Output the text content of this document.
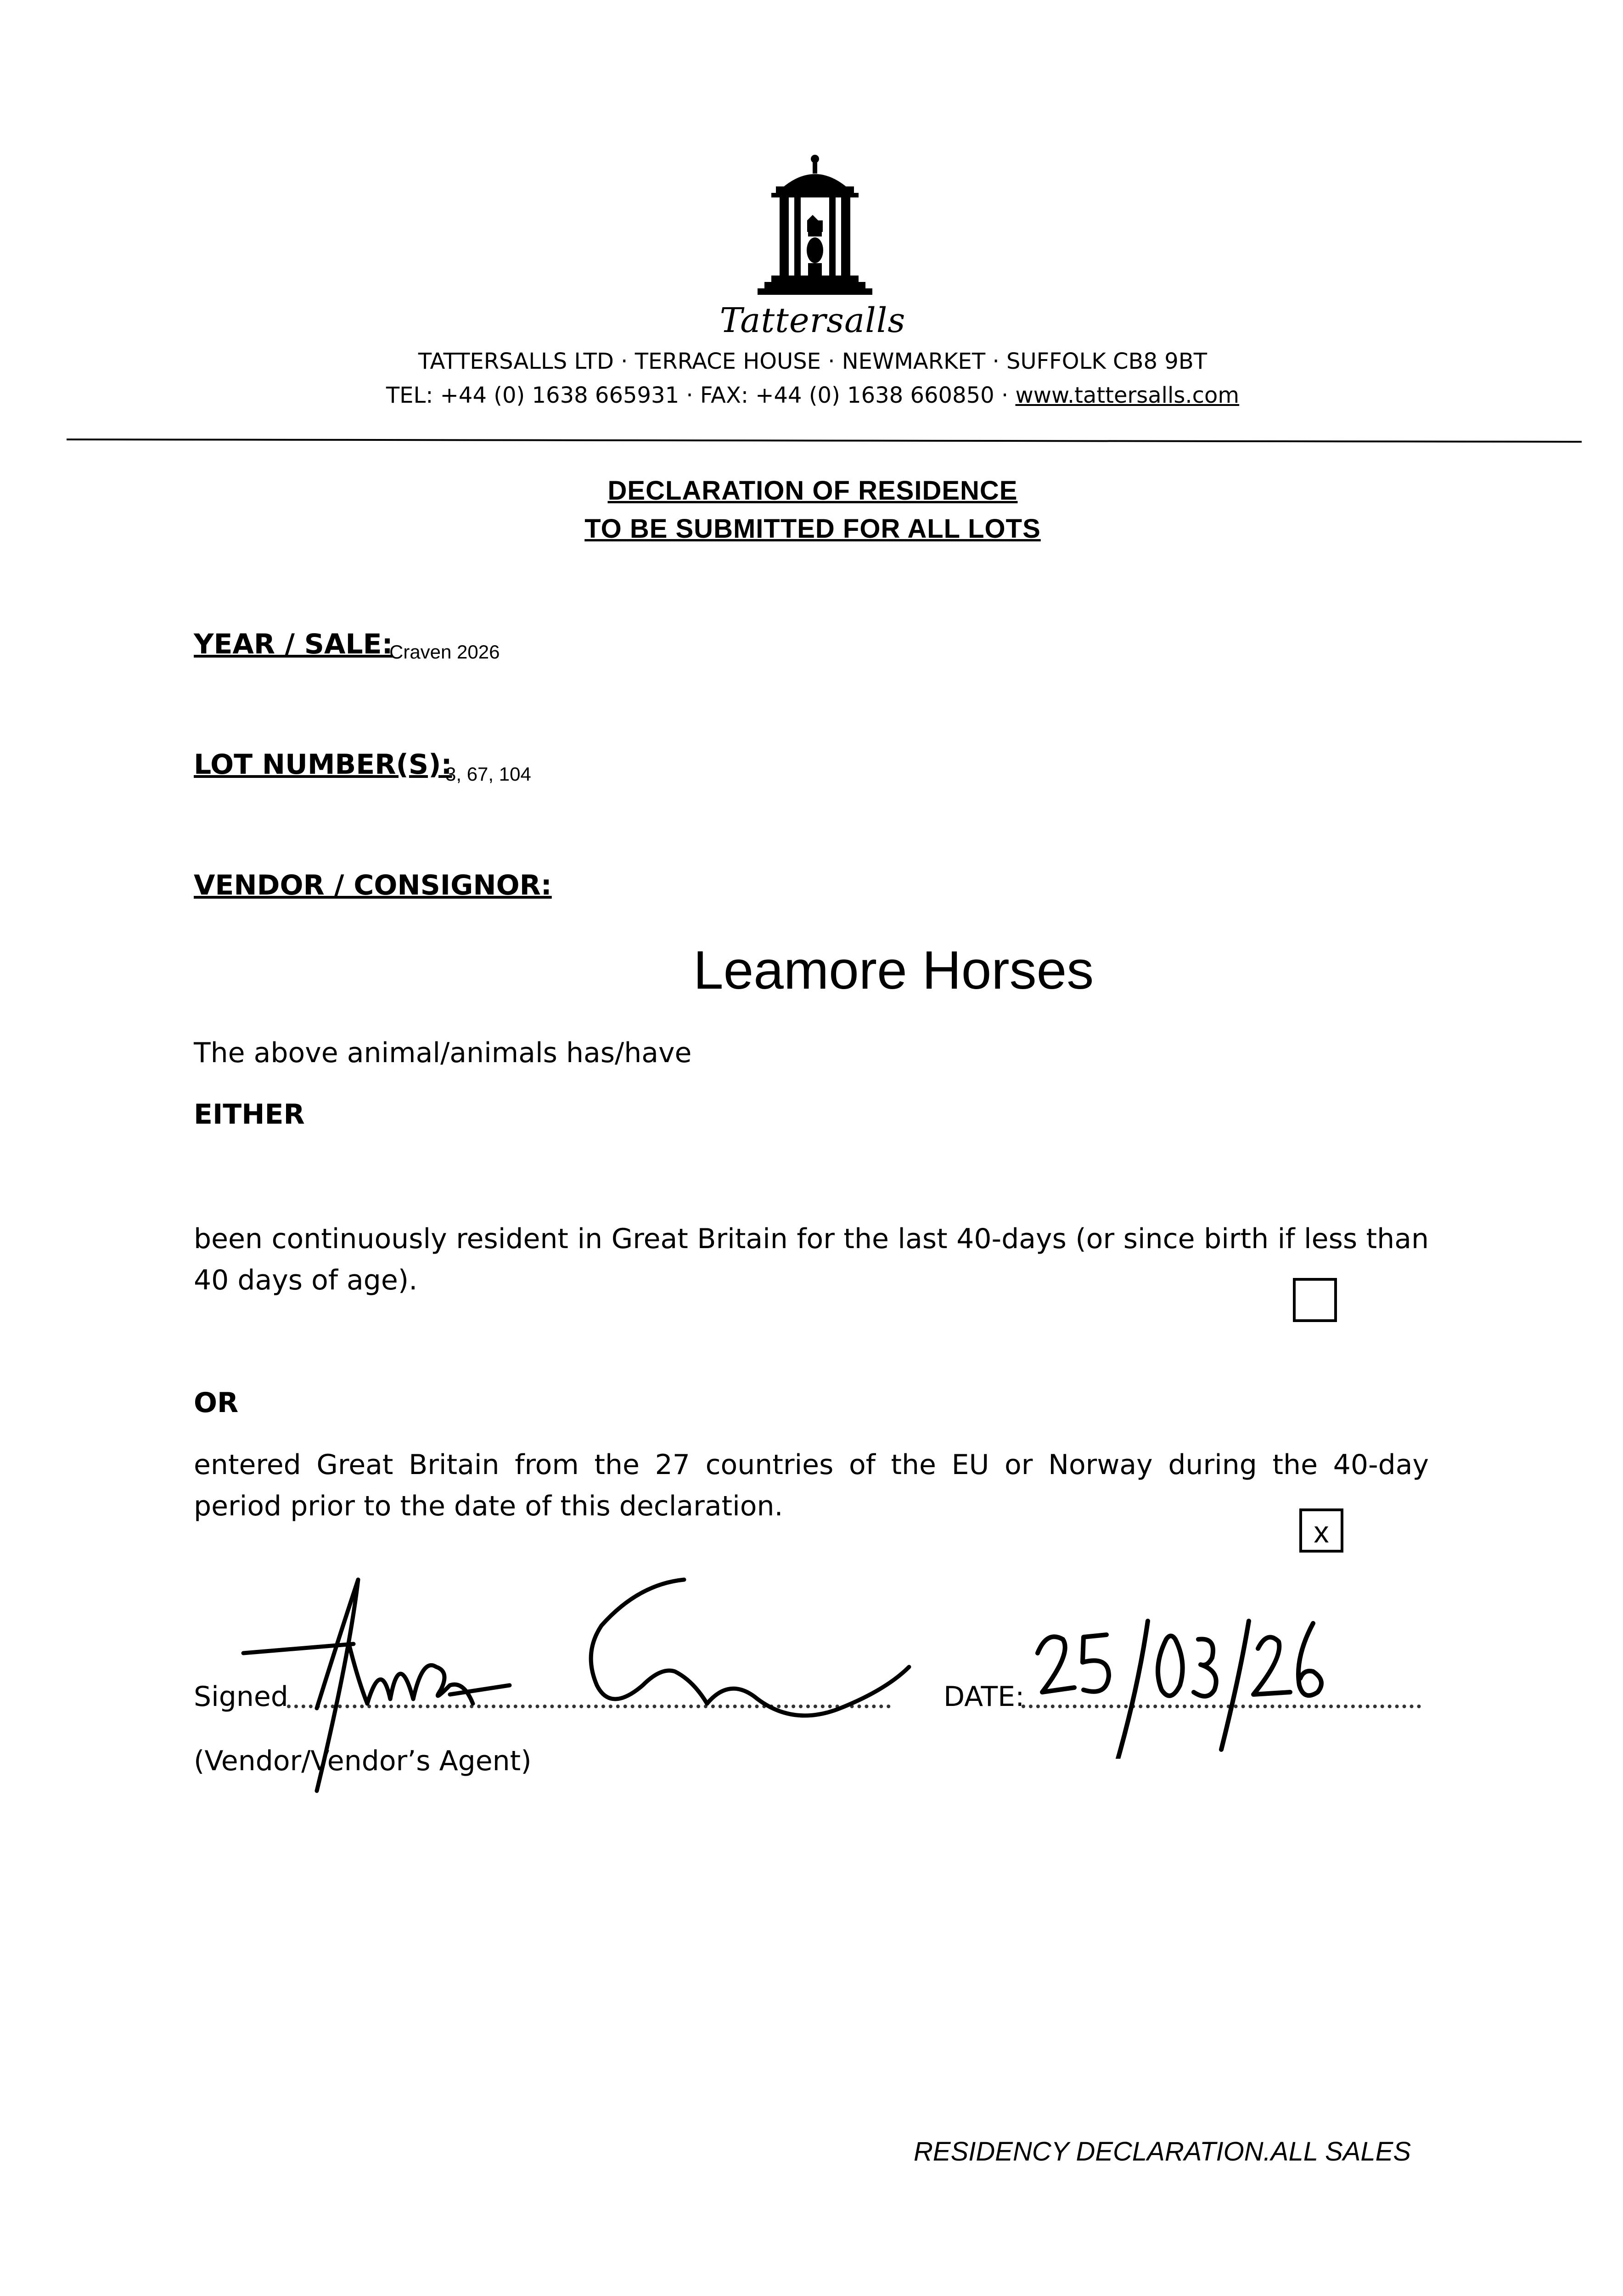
Tattersalls
TATTERSALLS LTD · TERRACE HOUSE · NEWMARKET · SUFFOLK CB8 9BT
TEL: +44 (0) 1638 665931 · FAX: +44 (0) 1638 660850 · www.tattersalls.com
DECLARATION OF RESIDENCE
TO BE SUBMITTED FOR ALL LOTS
YEAR / SALE:
Craven 2026
LOT NUMBER(S):
3, 67, 104
VENDOR / CONSIGNOR:
Leamore Horses
The above animal/animals has/have
EITHER
been continuously resident in Great Britain for the last 40-days (or since birth if less than 40 days of age).
OR
entered Great Britain from the 27 countries of the EU or Norway during the 40-day period prior to the date of this declaration.
x
Signed	DATE:
(Vendor/Vendor’s Agent)
RESIDENCY DECLARATION.ALL SALES
